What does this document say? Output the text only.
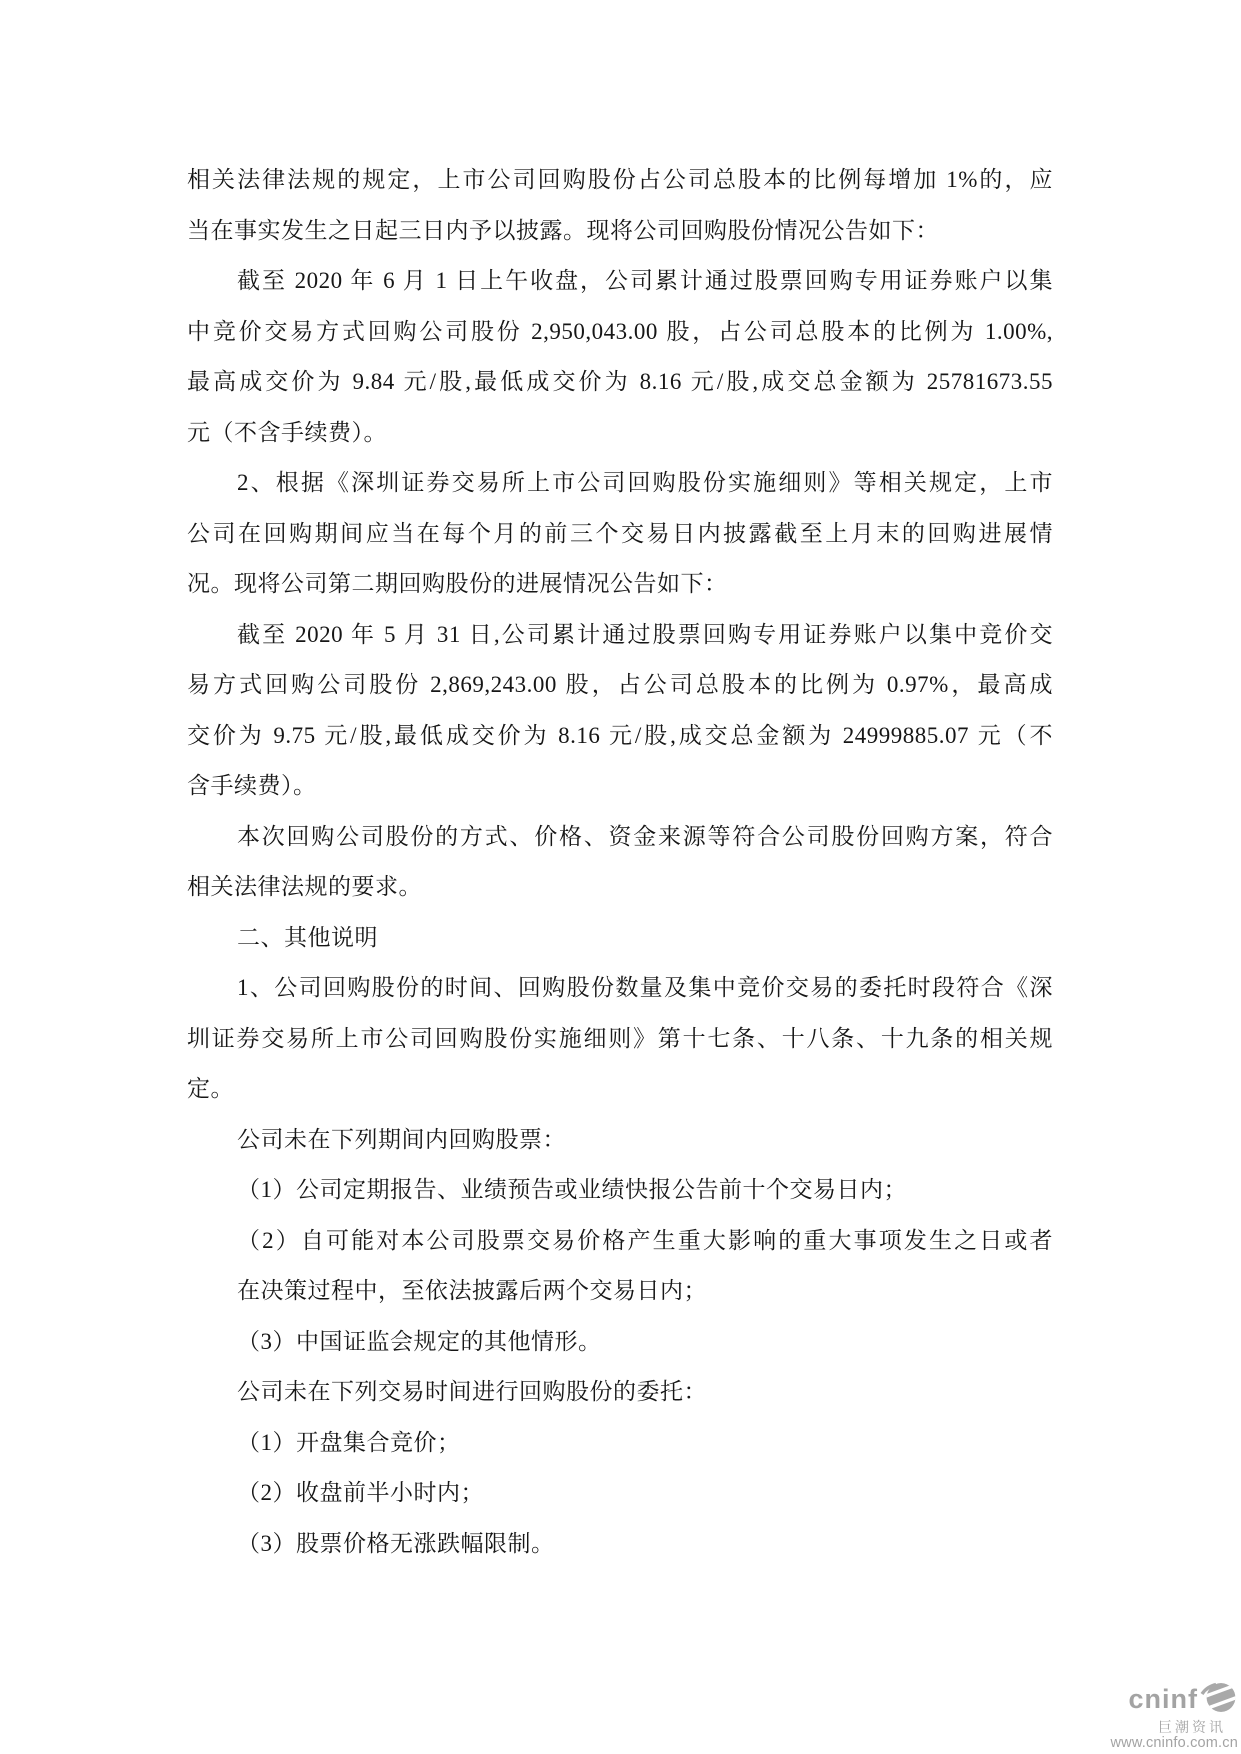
相关法律法规的规定，上市公司回购股份占公司总股本的比例每增加 1%的，应
当在事实发生之日起三日内予以披露。现将公司回购股份情况公告如下：
截至 2020 年 6 月 1 日上午收盘，公司累计通过股票回购专用证券账户以集
中竞价交易方式回购公司股份 2,950,043.00 股，占公司总股本的比例为 1.00%,
最高成交价为 9.84 元/股,最低成交价为 8.16 元/股,成交总金额为 25781673.55
元（不含手续费）。
2、根据《深圳证券交易所上市公司回购股份实施细则》等相关规定，上市
公司在回购期间应当在每个月的前三个交易日内披露截至上月末的回购进展情
况。现将公司第二期回购股份的进展情况公告如下：
截至 2020 年 5 月 31 日,公司累计通过股票回购专用证券账户以集中竞价交
易方式回购公司股份 2,869,243.00 股，占公司总股本的比例为 0.97%，最高成
交价为 9.75 元/股,最低成交价为 8.16 元/股,成交总金额为 24999885.07 元（不
含手续费）。
本次回购公司股份的方式、价格、资金来源等符合公司股份回购方案，符合
相关法律法规的要求。
二、其他说明
1、公司回购股份的时间、回购股份数量及集中竞价交易的委托时段符合《深
圳证券交易所上市公司回购股份实施细则》第十七条、十八条、十九条的相关规
定。
公司未在下列期间内回购股票：
（1）公司定期报告、业绩预告或业绩快报公告前十个交易日内；
（2）自可能对本公司股票交易价格产生重大影响的重大事项发生之日或者
在决策过程中，至依法披露后两个交易日内；
（3）中国证监会规定的其他情形。
公司未在下列交易时间进行回购股份的委托：
（1）开盘集合竞价；
（2）收盘前半小时内；
（3）股票价格无涨跌幅限制。
cninf
巨潮资讯
www.cninfo.com.cn
